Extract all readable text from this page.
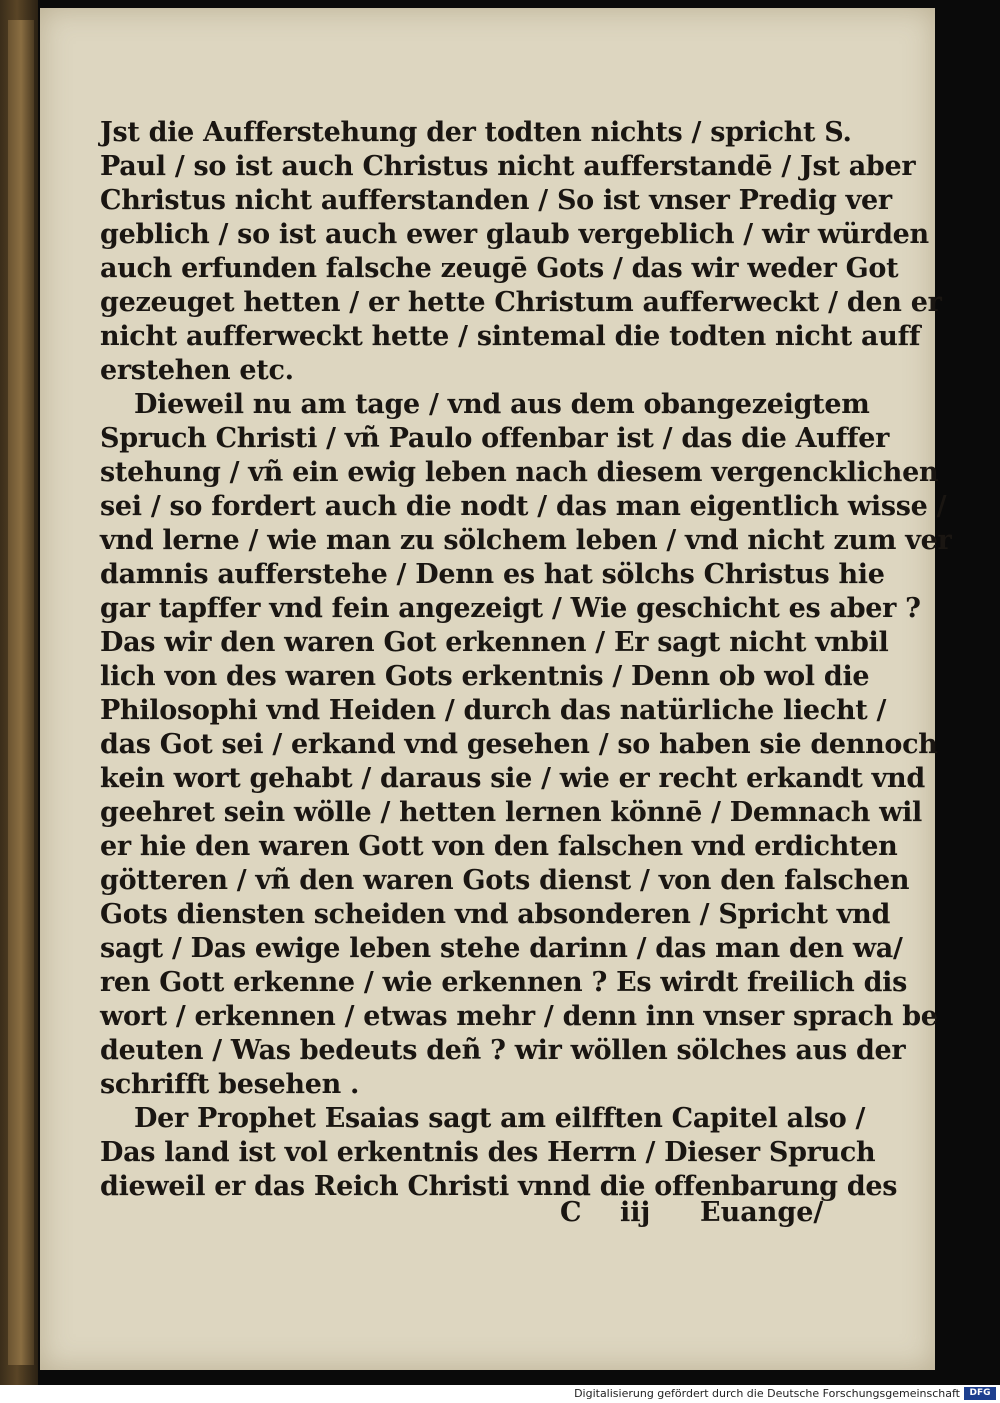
Jst die Aufferstehung der todten nichts / spricht S.
Paul / so ist auch Christus nicht aufferstandē / Jst aber
Christus nicht aufferstanden / So ist vnser Predig ver
geblich / so ist auch ewer glaub vergeblich / wir würden
auch erfunden falsche zeugē Gots / das wir weder Got
gezeuget hetten / er hette Christum aufferweckt / den er
nicht aufferweckt hette / sintemal die todten nicht auff
erstehen etc.
Dieweil nu am tage / vnd aus dem obangezeigtem
Spruch Christi / vñ Paulo offenbar ist / das die Auffer
stehung / vñ ein ewig leben nach diesem vergencklichen
sei / so fordert auch die nodt / das man eigentlich wisse /
vnd lerne / wie man zu sölchem leben / vnd nicht zum ver
damnis aufferstehe / Denn es hat sölchs Christus hie
gar tapffer vnd fein angezeigt / Wie geschicht es aber ?
Das wir den waren Got erkennen / Er sagt nicht vnbil
lich von des waren Gots erkentnis / Denn ob wol die
Philosophi vnd Heiden / durch das natürliche liecht /
das Got sei / erkand vnd gesehen / so haben sie dennoch
kein wort gehabt / daraus sie / wie er recht erkandt vnd
geehret sein wölle / hetten lernen könnē / Demnach wil
er hie den waren Gott von den falschen vnd erdichten
götteren / vñ den waren Gots dienst / von den falschen
Gots diensten scheiden vnd absonderen / Spricht vnd
sagt / Das ewige leben stehe darinn / das man den wa/
ren Gott erkenne / wie erkennen ? Es wirdt freilich dis
wort / erkennen / etwas mehr / denn inn vnser sprach be
deuten / Was bedeuts deñ ? wir wöllen sölches aus der
schrifft besehen .
Der Prophet Esaias sagt am eilfften Capitel also /
Das land ist vol erkentnis des Herrn / Dieser Spruch
dieweil er das Reich Christi vnnd die offenbarung des
C iij Euange/
Digitalisierung gefördert durch die Deutsche Forschungsgemeinschaft	DFG
